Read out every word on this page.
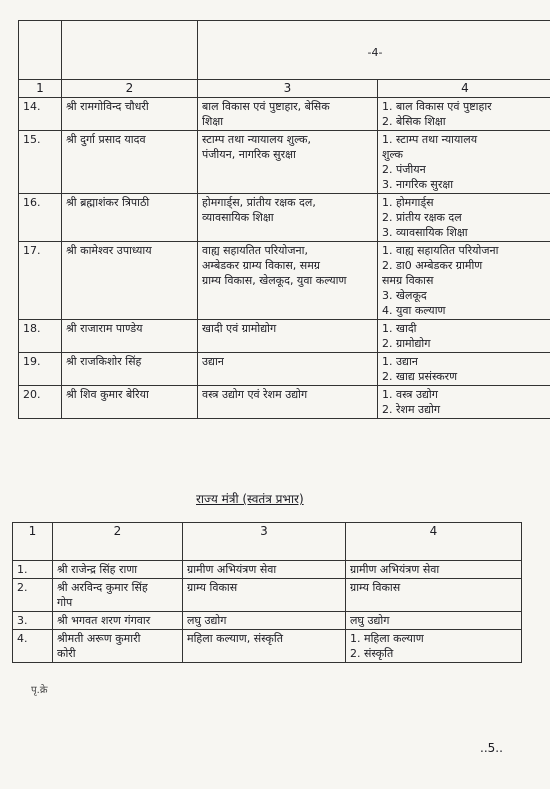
		-4-	
1	2	3	4
14.	श्री रामगोविन्द चौधरी	बाल विकास एवं पुष्टाहार, बेसिक
शिक्षा	1. बाल विकास एवं पुष्टाहार
2. बेसिक शिक्षा

15.	श्री दुर्गा प्रसाद यादव	स्टाम्प तथा न्यायालय शुल्क,
पंजीयन, नागरिक सुरक्षा	1. स्टाम्प तथा न्यायालय
शुल्क
2. पंजीयन
3. नागरिक सुरक्षा

16.	श्री ब्रह्माशंकर त्रिपाठी	होमगार्ड्स, प्रांतीय रक्षक दल,
व्यावसायिक शिक्षा	1. होमगार्ड्स
2. प्रांतीय रक्षक दल
3. व्यावसायिक शिक्षा

17.	श्री कामेश्वर उपाध्याय	वाह्य सहायतित परियोजना,
अम्बेडकर ग्राम्य विकास, समग्र
ग्राम्य विकास, खेलकूद, युवा कल्याण	1. वाह्य सहायतित परियोजना
2. डा0 अम्बेडकर ग्रामीण
समग्र विकास
3. खेलकूद
4. युवा कल्याण

18.	श्री राजाराम पाण्डेय	खादी एवं ग्रामोद्योग	1. खादी
2. ग्रामोद्योग

19.	श्री राजकिशोर सिंह	उद्यान	1. उद्यान
2. खाद्य प्रसंस्करण

20.	श्री शिव कुमार बेरिया	वस्त्र उद्योग एवं रेशम उद्योग	1. वस्त्र उद्योग
2. रेशम उद्योग
राज्य मंत्री (स्वतंत्र प्रभार)
1	2	3	4
1.	श्री राजेन्द्र सिंह राणा	ग्रामीण अभियंत्रण सेवा	ग्रामीण अभियंत्रण सेवा

2.	श्री अरविन्द कुमार सिंह
गोप	ग्राम्य विकास	ग्राम्य विकास

3.	श्री भगवत शरण गंगवार	लघु उद्योग	लघु उद्योग

4.	श्रीमती अरूण कुमारी
कोरी	महिला कल्याण, संस्कृति	1. महिला कल्याण
2. संस्कृति
पृ.क्रे
..5..
